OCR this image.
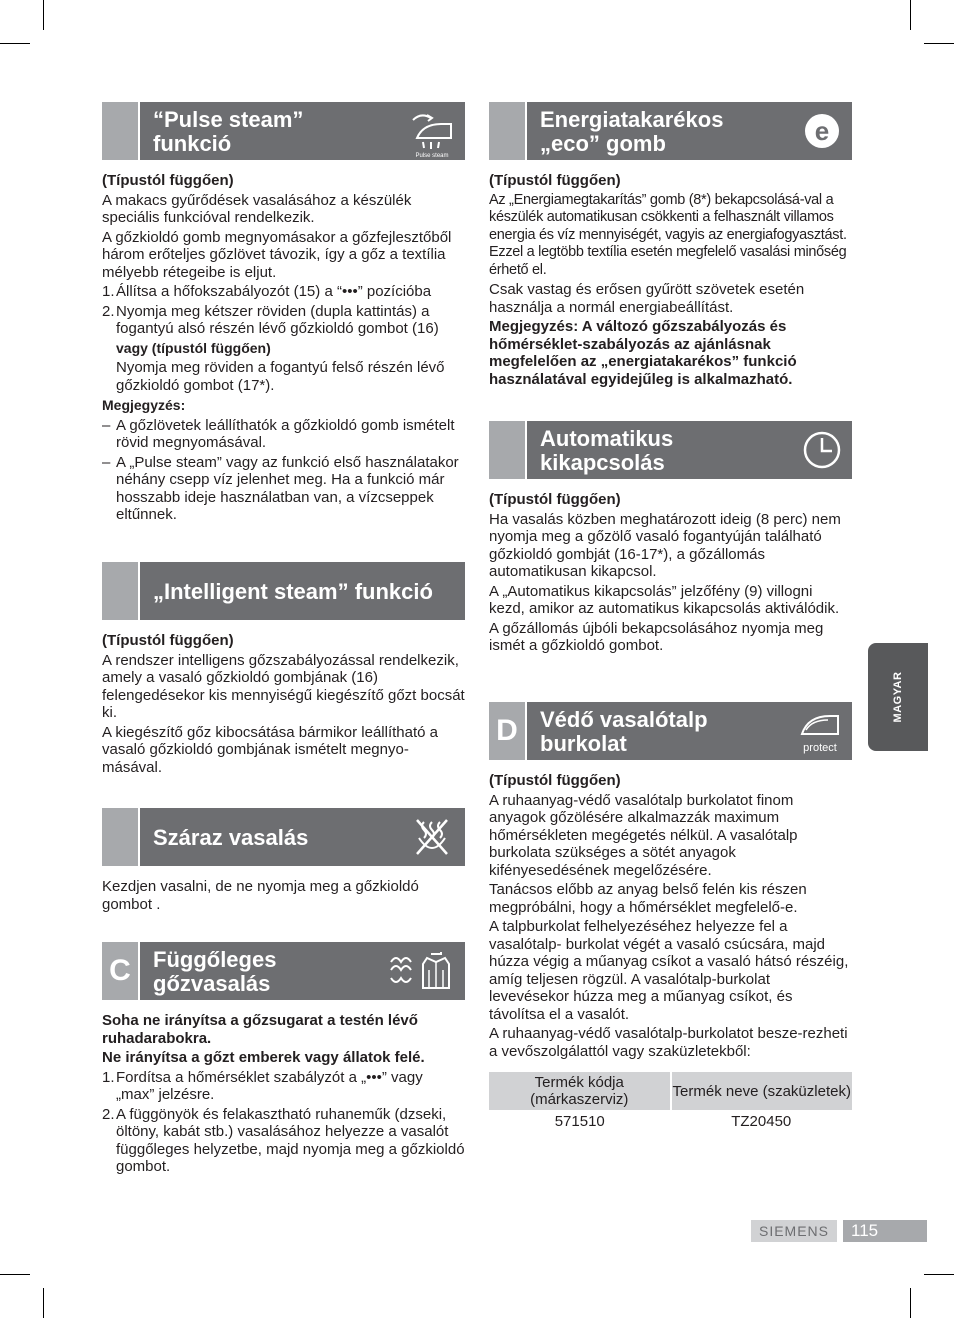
“Pulse steam”
funkció	Pulse steam

(Típustól függően)

A makacs gyűrődések vasalásához a készülék speciális funkcióval rendelkezik.

A gőzkioldó gomb megnyomásakor a gőzfejlesztőből három erőteljes gőzlövet távozik, így a gőz a textília mélyebb rétegeibe is eljut.

1. Állítsa a hőfokszabályozót (15) a “•••” pozícióba
2. Nyomja meg kétszer röviden (dupla kattintás) a fogantyú alsó részén lévő gőzkioldó gombot (16)

vagy (típustól függően)

Nyomja meg röviden a fogantyú felső részén lévő gőzkioldó gombot (17*).

Megjegyzés:

– A gőzlövetek leállíthatók a gőzkioldó gomb ismételt rövid megnyomásával.
– A „Pulse steam” vagy az funkció első használatakor néhány csepp víz jelenhet meg. Ha a funkció már hosszabb ideje használatban van, a vízcseppek eltűnnek.
„Intelligent steam” funkció

(Típustól függően)

A rendszer intelligens gőzszabályozással rendelkezik, amely a vasaló gőzkioldó gombjának (16) felengedésekor kis mennyiségű kiegészítő gőzt bocsát ki.

A kiegészítő gőz kibocsátása bármikor leállítható a vasaló gőzkioldó gombjának ismételt megnyo-másával.

Száraz vasalás

Kezdjen vasalni, de ne nyomja meg a gőzkioldó gombot .

C	Függőleges
gőzvasalás

Soha ne irányítsa a gőzsugarat a testén lévő ruhadarabokra.

Ne irányítsa a gőzt emberek vagy állatok felé.

1. Fordítsa a hőmérséklet szabályzót a „•••” vagy „max” jelzésre.
2. A függönyök és felakasztható ruhaneműk (dzseki, öltöny, kabát stb.) vasalásához helyezze a vasalót függőleges helyzetbe, majd nyomja meg a gőzkioldó gombot.
Energiatakarékos
„eco” gomb	e

(Típustól függően)

Az „Energiamegtakarítás” gomb (8*) bekapcsolásá-val a készülék automatikusan csökkenti a felhasznált villamos energia és víz mennyiségét, vagyis az energiafogyasztást. Ezzel a legtöbb textília esetén megfelelő vasalási minőség érhető el.

Csak vastag és erősen gyűrött szövetek esetén használja a normál energiabeállítást.

Megjegyzés: A változó gőzszabályozás és hőmérséklet-szabályozás az ajánlásnak megfelelően az „energiatakarékos” funkció használatával egyidejűleg is alkalmazható.

Automatikus
kikapcsolás

(Típustól függően)

Ha vasalás közben meghatározott ideig (8 perc) nem nyomja meg a gőzölő vasaló fogantyúján található gőzkioldó gombját (16-17*), a gőzállomás automatikusan kikapcsol.

A „Automatikus kikapcsolás” jelzőfény (9) villogni kezd, amikor az automatikus kikapcsolás aktiválódik.

A gőzállomás újbóli bekapcsolásához nyomja meg ismét a gőzkioldó gombot.

D	Védő vasalótalp
burkolat	protect

(Típustól függően)

A ruhaanyag-védő vasalótalp burkolatot finom anyagok gőzölésére alkalmazzák maximum hőmérsékleten megégetés nélkül. A vasalótalp burkolata szükséges a sötét anyagok kifényesedésének megelőzésére.

Tanácsos előbb az anyag belső felén kis részen megpróbálni, hogy a hőmérséklet megfelelő-e.

A talpburkolat felhelyezéséhez helyezze fel a vasalótalp- burkolat végét a vasaló csúcsára, majd húzza végig a műanyag csíkot a vasaló hátsó részéig, amíg teljesen rögzül. A vasalótalp-burkolat levevésekor húzza meg a műanyag csíkot, és távolítsa el a vasalót.

A ruhaanyag-védő vasalótalp-burkolatot besze-rezheti a vevőszolgálattól vagy szaküzletekből:

Termék kódja (márkaszerviz)	Termék neve (szaküzletek)
571510	TZ20450
MAGYAR
SIEMENS	115
